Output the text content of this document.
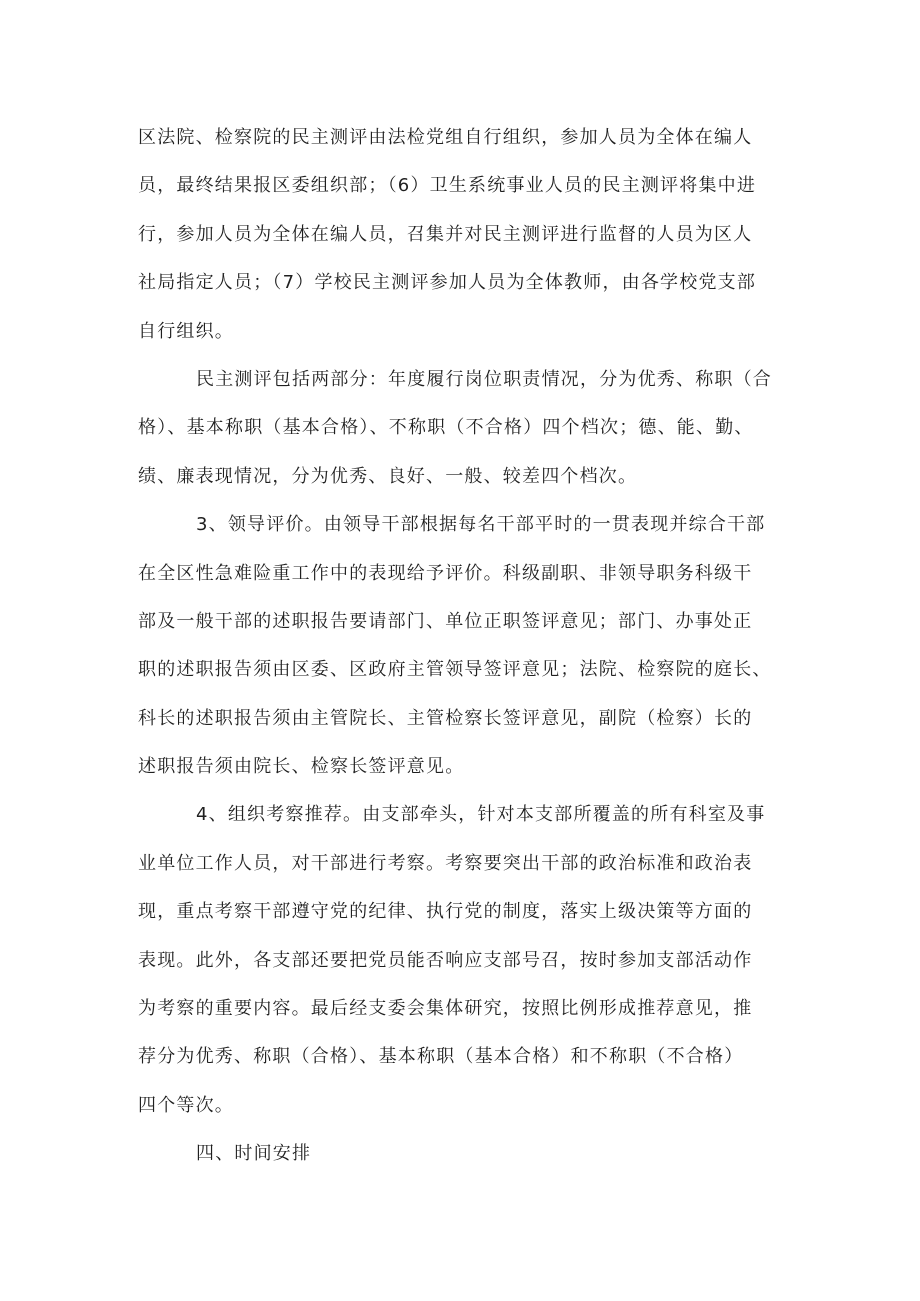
区法院、检察院的民主测评由法检党组自行组织，参加人员为全体在编人
员，最终结果报区委组织部；（6）卫生系统事业人员的民主测评将集中进
行，参加人员为全体在编人员，召集并对民主测评进行监督的人员为区人
社局指定人员；（7）学校民主测评参加人员为全体教师，由各学校党支部
自行组织。

民主测评包括两部分：年度履行岗位职责情况，分为优秀、称职（合
格）、基本称职（基本合格）、不称职（不合格）四个档次；德、能、勤、
绩、廉表现情况，分为优秀、良好、一般、较差四个档次。

3、领导评价。由领导干部根据每名干部平时的一贯表现并综合干部
在全区性急难险重工作中的表现给予评价。科级副职、非领导职务科级干
部及一般干部的述职报告要请部门、单位正职签评意见；部门、办事处正
职的述职报告须由区委、区政府主管领导签评意见；法院、检察院的庭长、
科长的述职报告须由主管院长、主管检察长签评意见，副院（检察）长的
述职报告须由院长、检察长签评意见。

4、组织考察推荐。由支部牵头，针对本支部所覆盖的所有科室及事
业单位工作人员，对干部进行考察。考察要突出干部的政治标准和政治表
现，重点考察干部遵守党的纪律、执行党的制度，落实上级决策等方面的
表现。此外，各支部还要把党员能否响应支部号召，按时参加支部活动作
为考察的重要内容。最后经支委会集体研究，按照比例形成推荐意见，推
荐分为优秀、称职（合格）、基本称职（基本合格）和不称职（不合格）
四个等次。

四、时间安排
